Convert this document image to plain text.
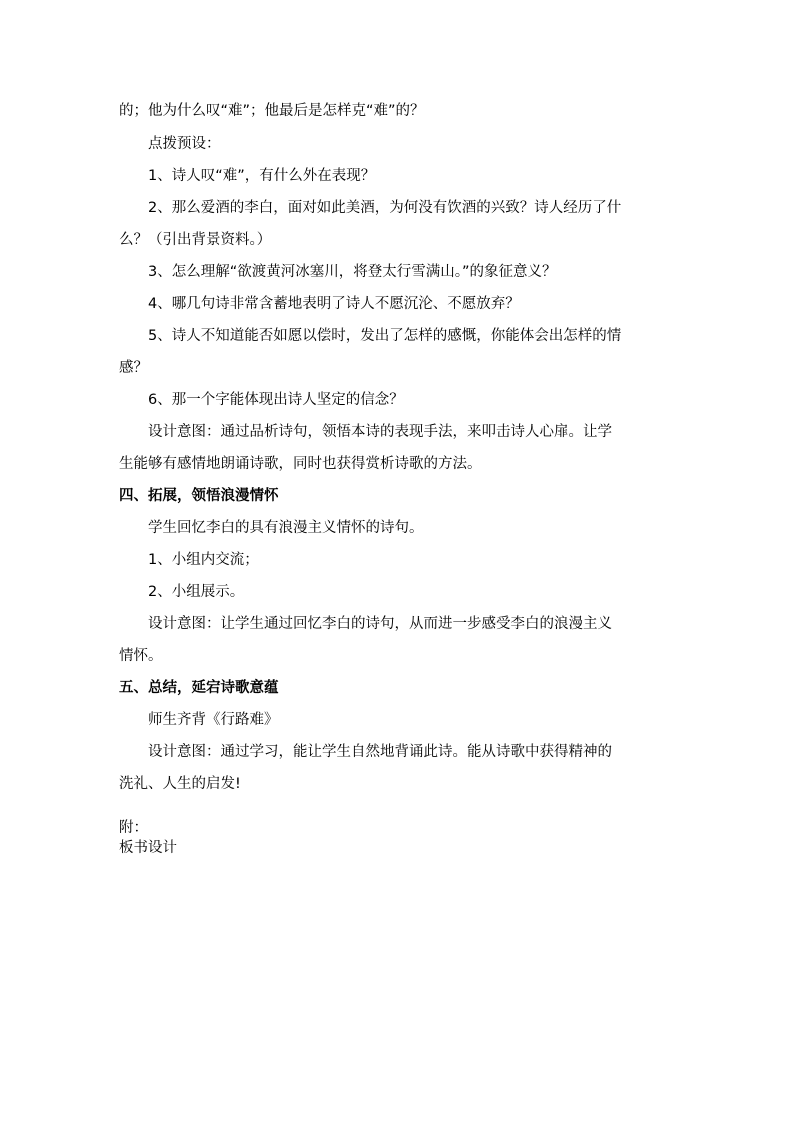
的；他为什么叹“难”；他最后是怎样克“难”的？
点拨预设：
1、诗人叹“难”，有什么外在表现？
2、那么爱酒的李白，面对如此美酒，为何没有饮酒的兴致？诗人经历了什
么？（引出背景资料。）
3、怎么理解“欲渡黄河冰塞川，将登太行雪满山。”的象征意义？
4、哪几句诗非常含蓄地表明了诗人不愿沉沦、不愿放弃？
5、诗人不知道能否如愿以偿时，发出了怎样的感慨，你能体会出怎样的情
感？
6、那一个字能体现出诗人坚定的信念？
设计意图：通过品析诗句，领悟本诗的表现手法，来叩击诗人心扉。让学
生能够有感情地朗诵诗歌，同时也获得赏析诗歌的方法。
四、拓展，领悟浪漫情怀
学生回忆李白的具有浪漫主义情怀的诗句。
1、小组内交流；
2、小组展示。
设计意图：让学生通过回忆李白的诗句，从而进一步感受李白的浪漫主义
情怀。
五、总结，延宕诗歌意蕴
师生齐背《行路难》
设计意图：通过学习，能让学生自然地背诵此诗。能从诗歌中获得精神的
洗礼、人生的启发!
附：
板书设计
